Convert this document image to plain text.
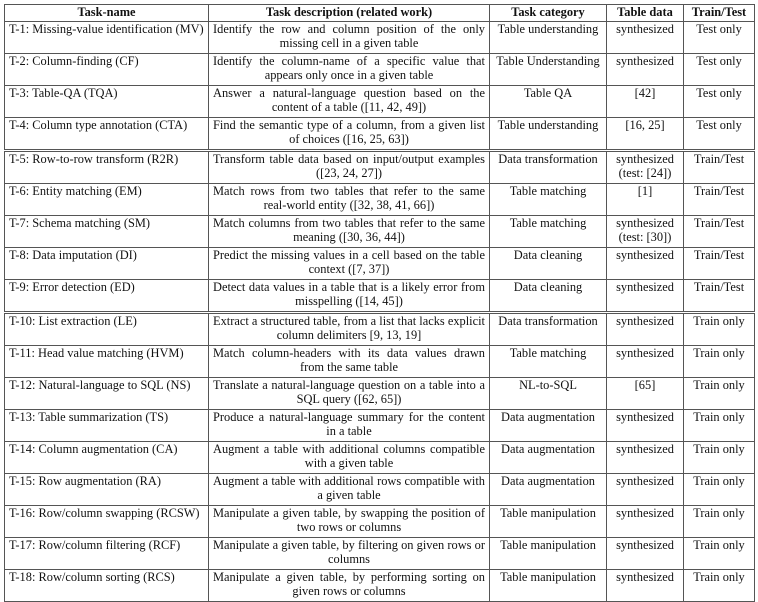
Task-name	Task description (related work)	Task category	Table data	Train/Test
T-1: Missing-value identification (MV)	Identify the row and column position of the only missing cell in a given table	Table understanding	synthesized	Test only
T-2: Column-finding (CF)	Identify the column-name of a specific value that appears only once in a given table	Table Understanding	synthesized	Test only
T-3: Table-QA (TQA)	Answer a natural-language question based on the content of a table ([11, 42, 49])	Table QA	[42]	Test only
T-4: Column type annotation (CTA)	Find the semantic type of a column, from a given list of choices ([16, 25, 63])	Table understanding	[16, 25]	Test only
T-5: Row-to-row transform (R2R)	Transform table data based on input/output examples ([23, 24, 27])	Data transformation	synthesized (test: [24])	Train/Test
T-6: Entity matching (EM)	Match rows from two tables that refer to the same real-world entity ([32, 38, 41, 66])	Table matching	[1]	Train/Test
T-7: Schema matching (SM)	Match columns from two tables that refer to the same meaning ([30, 36, 44])	Table matching	synthesized (test: [30])	Train/Test
T-8: Data imputation (DI)	Predict the missing values in a cell based on the table context ([7, 37])	Data cleaning	synthesized	Train/Test
T-9: Error detection (ED)	Detect data values in a table that is a likely error from misspelling ([14, 45])	Data cleaning	synthesized	Train/Test
T-10: List extraction (LE)	Extract a structured table, from a list that lacks explicit column delimiters [9, 13, 19]	Data transformation	synthesized	Train only
T-11: Head value matching (HVM)	Match column-headers with its data values drawn from the same table	Table matching	synthesized	Train only
T-12: Natural-language to SQL (NS)	Translate a natural-language question on a table into a SQL query ([62, 65])	NL-to-SQL	[65]	Train only
T-13: Table summarization (TS)	Produce a natural-language summary for the content in a table	Data augmentation	synthesized	Train only
T-14: Column augmentation (CA)	Augment a table with additional columns compatible with a given table	Data augmentation	synthesized	Train only
T-15: Row augmentation (RA)	Augment a table with additional rows compatible with a given table	Data augmentation	synthesized	Train only
T-16: Row/column swapping (RCSW)	Manipulate a given table, by swapping the position of two rows or columns	Table manipulation	synthesized	Train only
T-17: Row/column filtering (RCF)	Manipulate a given table, by filtering on given rows or columns	Table manipulation	synthesized	Train only
T-18: Row/column sorting (RCS)	Manipulate a given table, by performing sorting on given rows or columns	Table manipulation	synthesized	Train only
